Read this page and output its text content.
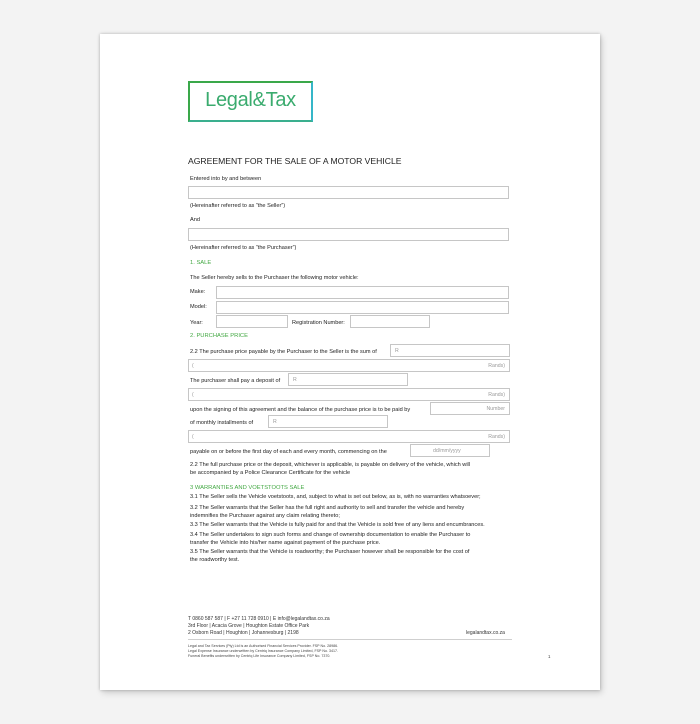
Legal&Tax
AGREEMENT FOR THE SALE OF A MOTOR VEHICLE
Entered into by and between
(Hereinafter referred to as “the Seller”)
And
(Hereinafter referred to as “the Purchaser”)
1. SALE
The Seller hereby sells to the Purchaser the following motor vehicle:
Make:
Model:
Year:	Registration Number:
2. PURCHASE PRICE
2.2 The purchase price payable by the Purchaser to the Seller is the sum of	R
(	Rands)
The purchaser shall pay a deposit of R
(	Rands)
upon the signing of this agreement and the balance of the purchase price is to be paid by	Number
of monthly installments of	R
(	Rands)
payable on or before the first day of each and every month, commencing on the	dd/mm/yyyy
2.2 The full purchase price or the deposit, whichever is applicable, is payable on delivery of the vehicle, which will
be accompanied by a Police Clearance Certificate for the vehicle
3 WARRANTIES AND VOETSTOOTS SALE
3.1 The Seller sells the Vehicle voetstoots, and, subject to what is set out below, as is, with no warranties whatsoever;
3.2 The Seller warrants that the Seller has the full right and authority to sell and transfer the vehicle and hereby
indemnifies the Purchaser against any claim relating thereto;
3.3 The Seller warrants that the Vehicle is fully paid for and that the Vehicle is sold free of any liens and encumbrances.
3.4 The Seller undertakes to sign such forms and change of ownership documentation to enable the Purchaser to
transfer the Vehicle into his/her name against payment of the purchase price.
3.5 The Seller warrants that the Vehicle is roadworthy; the Purchaser however shall be responsible for the cost of
the roadworthy test.
T 0860 587 587 | F +27 11 728 0910 | E info@legalandtax.co.za
3rd Floor | Acacia Grove | Houghton Estate Office Park
2 Osborn Road | Houghton | Johannesburg | 2198	legalandtax.co.za
Legal and Tax Services (Pty) Ltd is an Authorised Financial Services Provider. FSP No. 28986.
Legal Expense Insurance underwritten by Centriq Insurance Company Limited, FSP No. 3417.
Funeral Benefits underwritten by Centriq Life Insurance Company Limited, FSP No. 7370.	1
